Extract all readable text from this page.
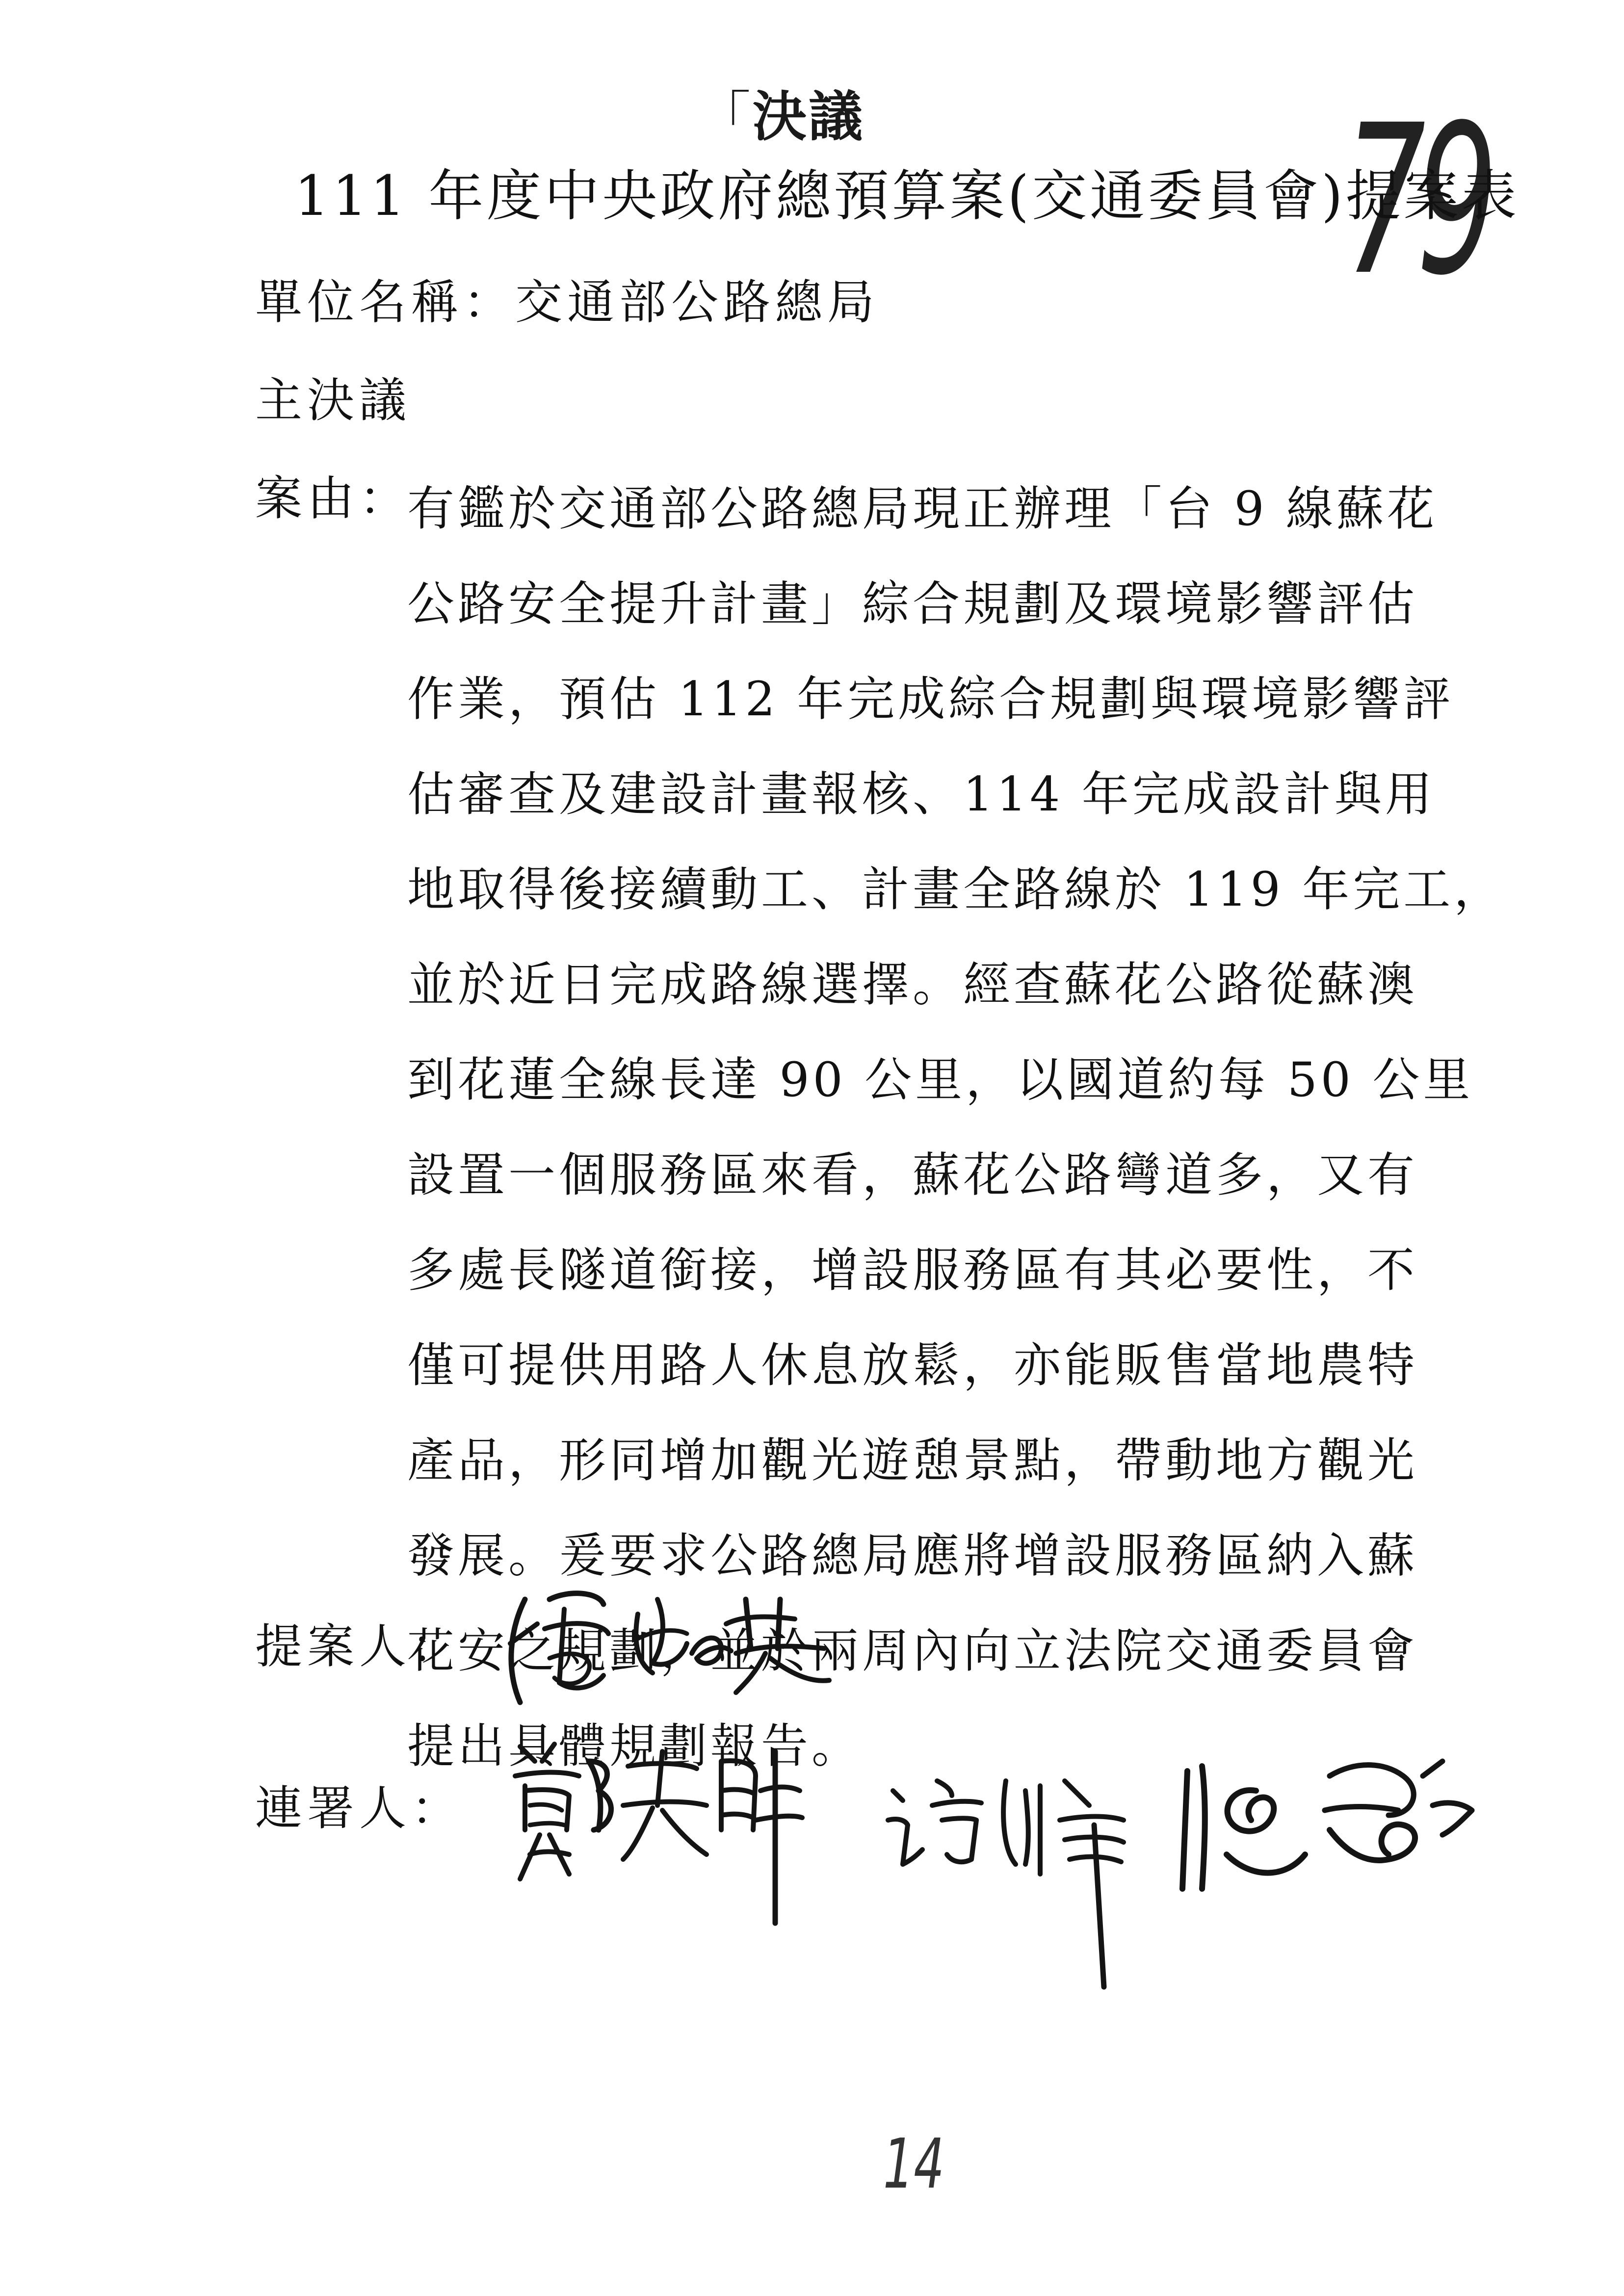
「決議 79
111 年度中央政府總預算案(交通委員會)提案表
單位名稱：交通部公路總局
主決議
案由：
有鑑於交通部公路總局現正辦理「台 9 線蘇花
公路安全提升計畫」綜合規劃及環境影響評估
作業，預估 112 年完成綜合規劃與環境影響評
估審查及建設計畫報核、114 年完成設計與用
地取得後接續動工、計畫全路線於 119 年完工，
並於近日完成路線選擇。經查蘇花公路從蘇澳
到花蓮全線長達 90 公里，以國道約每 50 公里
設置一個服務區來看，蘇花公路彎道多，又有
多處長隧道銜接，增設服務區有其必要性，不
僅可提供用路人休息放鬆，亦能販售當地農特
產品，形同增加觀光遊憩景點，帶動地方觀光
發展。爰要求公路總局應將增設服務區納入蘇
花安之規劃，並於兩周內向立法院交通委員會
提出具體規劃報告。
提案人：
連署人：
14
